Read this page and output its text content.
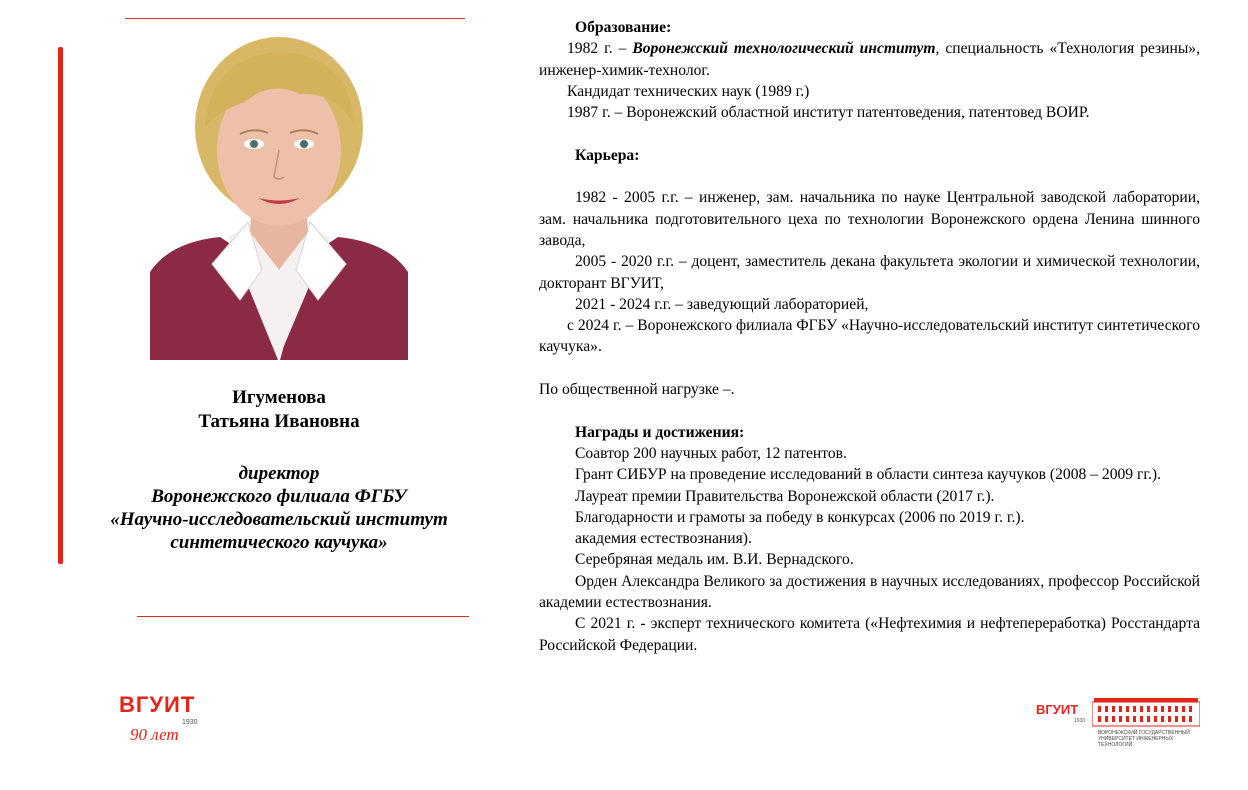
Игуменова
Татьяна Ивановна
директор
Воронежского филиала ФГБУ
«Научно-исследовательский институт
синтетического каучука»

Образование:

1982 г. – Воронежский технологический институт, специальность «Технология резины», инженер-химик-технолог.

Кандидат технических наук (1989 г.)

1987 г. – Воронежский областной институт патентоведения, патентовед ВОИР.

Карьера:

1982 - 2005 г.г. – инженер, зам. начальника по науке Центральной заводской лаборатории, зам. начальника подготовительного цеха по технологии Воронежского ордена Ленина шинного завода,

2005 - 2020 г.г. – доцент, заместитель декана факультета экологии и химической технологии, докторант ВГУИТ,

2021 - 2024 г.г. – заведующий лабораторией,

с 2024 г. – Воронежского филиала ФГБУ «Научно-исследовательский институт синтетического каучука».

По общественной нагрузке –.

Награды и достижения:

Соавтор 200 научных работ, 12 патентов.

Грант СИБУР на проведение исследований в области синтеза каучуков (2008 – 2009 гг.).

Лауреат премии Правительства Воронежской области (2017 г.).

Благодарности и грамоты за победу в конкурсах (2006 по 2019 г. г.).

академия естествознания).

Серебряная медаль им. В.И. Вернадского.

Орден Александра Великого за достижения в научных исследованиях, профессор Российской академии естествознания.

С 2021 г. - эксперт технического комитета («Нефтехимия и нефтепереработка) Росстандарта Российской Федерации.

ВГУИТ
1930
90 лет
ВГУИТ
1930
ВОРОНЕЖСКИЙ ГОСУДАРСТВЕННЫЙ УНИВЕРСИТЕТ ИНЖЕНЕРНЫХ ТЕХНОЛОГИЙ
